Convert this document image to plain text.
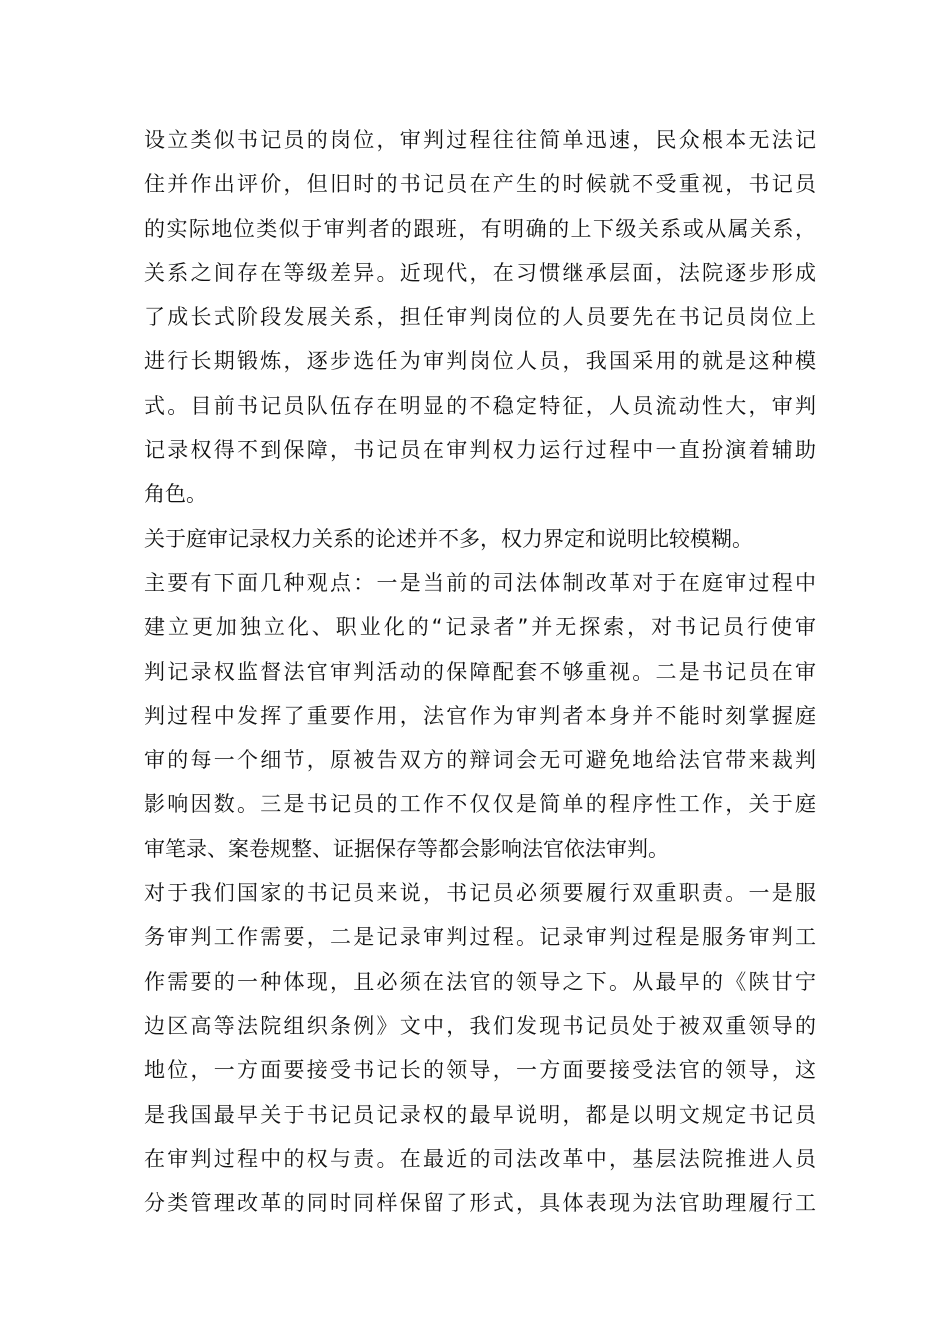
设立类似书记员的岗位，审判过程往往简单迅速，民众根本无法记
住并作出评价，但旧时的书记员在产生的时候就不受重视，书记员
的实际地位类似于审判者的跟班，有明确的上下级关系或从属关系，
关系之间存在等级差异。近现代，在习惯继承层面，法院逐步形成
了成长式阶段发展关系，担任审判岗位的人员要先在书记员岗位上
进行长期锻炼，逐步选任为审判岗位人员，我国采用的就是这种模
式。目前书记员队伍存在明显的不稳定特征，人员流动性大，审判
记录权得不到保障，书记员在审判权力运行过程中一直扮演着辅助
角色。
关于庭审记录权力关系的论述并不多，权力界定和说明比较模糊。
主要有下面几种观点：一是当前的司法体制改革对于在庭审过程中
建立更加独立化、职业化的“记录者”并无探索，对书记员行使审
判记录权监督法官审判活动的保障配套不够重视。二是书记员在审
判过程中发挥了重要作用，法官作为审判者本身并不能时刻掌握庭
审的每一个细节，原被告双方的辩词会无可避免地给法官带来裁判
影响因数。三是书记员的工作不仅仅是简单的程序性工作，关于庭
审笔录、案卷规整、证据保存等都会影响法官依法审判。
对于我们国家的书记员来说，书记员必须要履行双重职责。一是服
务审判工作需要，二是记录审判过程。记录审判过程是服务审判工
作需要的一种体现，且必须在法官的领导之下。从最早的《陕甘宁
边区高等法院组织条例》文中，我们发现书记员处于被双重领导的
地位，一方面要接受书记长的领导，一方面要接受法官的领导，这
是我国最早关于书记员记录权的最早说明，都是以明文规定书记员
在审判过程中的权与责。在最近的司法改革中，基层法院推进人员
分类管理改革的同时同样保留了形式，具体表现为法官助理履行工
